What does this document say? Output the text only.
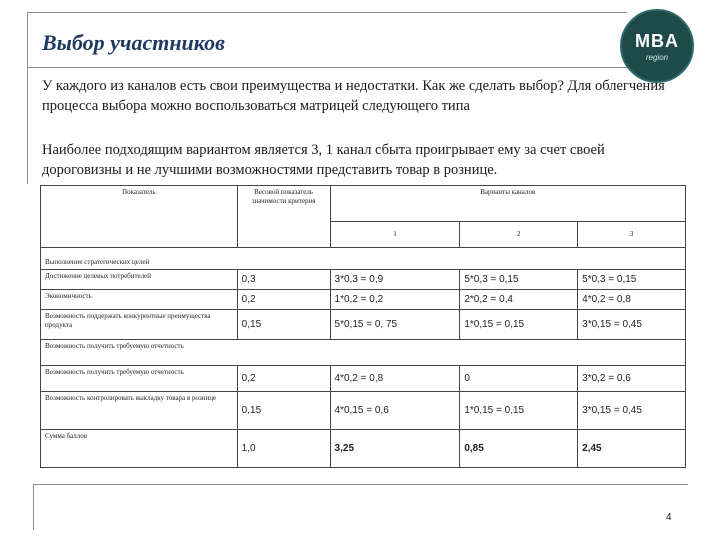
Выбор участников	MBA
region
У каждого из каналов есть свои преимущества и недостатки. Как же сделать выбор? Для облегчения процесса выбора можно воспользоваться матрицей следующего типа
Наиболее подходящим вариантом является 3, 1 канал сбыта проигрывает ему за счет своей дороговизны и не лучшими возможностями представить товар в рознице.
Показатель	Весовой показатель значимости критерия	Варианты каналов		
		1	2	3
Выполнение стратегических целей				
Достижение целевых потребителей	0,3	3*0,3 = 0,9	5*0,3 = 0,15	5*0,3 = 0,15
Экономичность	0,2	1*0,2 = 0,2	2*0,2 = 0,4	4*0,2 = 0,8
Возможность поддержать конкурентные преимущества продукта	0,15	5*0,15 = 0, 75	1*0,15 = 0,15	3*0,15 = 0,45
Возможность получить требуемую отчетность				
Возможность получить требуемую отчетность	0,2	4*0,2 = 0,8	0	3*0,2 = 0,6
Возможность контролировать выкладку товара в рознице	0,15	4*0,15 = 0,6	1*0,15 = 0,15	3*0,15 = 0,45
Сумма баллов	1,0	3,25	0,85	2,45
4
